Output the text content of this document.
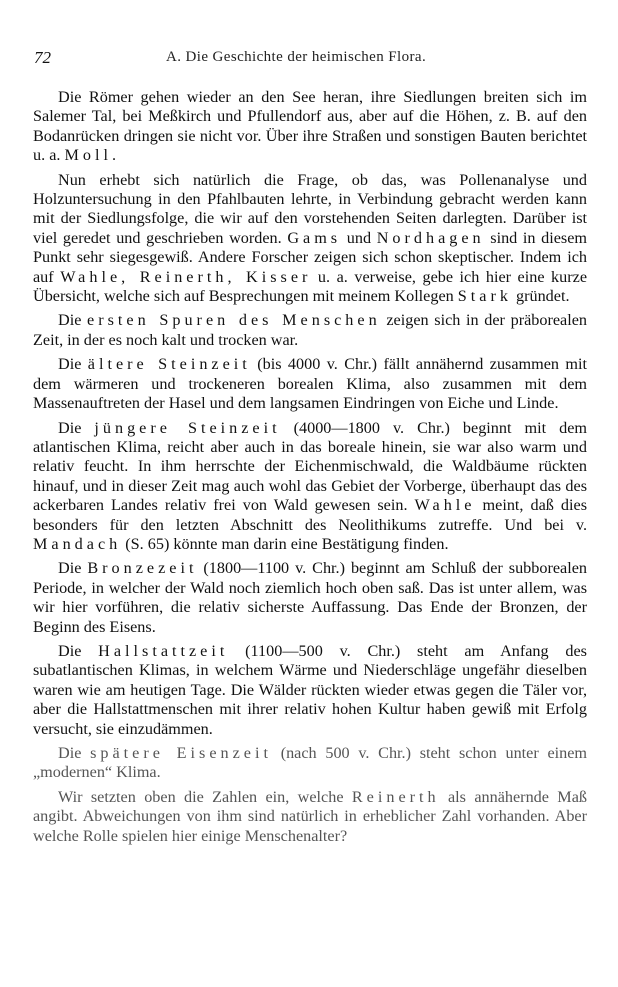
72	A. Die Geschichte der heimischen Flora.

Die Römer gehen wieder an den See heran, ihre Siedlungen breiten sich im Salemer Tal, bei Meßkirch und Pfullendorf aus, aber auf die Höhen, z. B. auf den Bodanrücken dringen sie nicht vor. Über ihre Straßen und sonstigen Bauten berichtet u. a. Moll.

Nun erhebt sich natürlich die Frage, ob das, was Pollenanalyse und Holzuntersuchung in den Pfahlbauten lehrte, in Verbindung gebracht werden kann mit der Siedlungsfolge, die wir auf den vorstehenden Seiten darlegten. Darüber ist viel geredet und geschrieben worden. Gams und Nordhagen sind in diesem Punkt sehr siegesgewiß. Andere Forscher zeigen sich schon skeptischer. Indem ich auf Wahle, Reinerth, Kisser u. a. verweise, gebe ich hier eine kurze Übersicht, welche sich auf Besprechungen mit meinem Kollegen Stark gründet.

Die ersten Spuren des Menschen zeigen sich in der präborealen Zeit, in der es noch kalt und trocken war.

Die ältere Steinzeit (bis 4000 v. Chr.) fällt annähernd zusammen mit dem wärmeren und trockeneren borealen Klima, also zusammen mit dem Massenauftreten der Hasel und dem langsamen Eindringen von Eiche und Linde.

Die jüngere Steinzeit (4000—1800 v. Chr.) beginnt mit dem atlantischen Klima, reicht aber auch in das boreale hinein, sie war also warm und relativ feucht. In ihm herrschte der Eichenmischwald, die Waldbäume rückten hinauf, und in dieser Zeit mag auch wohl das Gebiet der Vorberge, überhaupt das des ackerbaren Landes relativ frei von Wald gewesen sein. Wahle meint, daß dies besonders für den letzten Abschnitt des Neolithikums zutreffe. Und bei v. Mandach (S. 65) könnte man darin eine Bestätigung finden.

Die Bronzezeit (1800—1100 v. Chr.) beginnt am Schluß der subborealen Periode, in welcher der Wald noch ziemlich hoch oben saß. Das ist unter allem, was wir hier vorführen, die relativ sicherste Auffassung. Das Ende der Bronzen, der Beginn des Eisens.

Die Hallstattzeit (1100—500 v. Chr.) steht am Anfang des subatlantischen Klimas, in welchem Wärme und Niederschläge ungefähr dieselben waren wie am heutigen Tage. Die Wälder rückten wieder etwas gegen die Täler vor, aber die Hallstattmenschen mit ihrer relativ hohen Kultur haben gewiß mit Erfolg versucht, sie einzudämmen.

Die spätere Eisenzeit (nach 500 v. Chr.) steht schon unter einem „modernen“ Klima.

Wir setzten oben die Zahlen ein, welche Reinerth als annähernde Maß angibt. Abweichungen von ihm sind natürlich in erheblicher Zahl vorhanden. Aber welche Rolle spielen hier einige Menschenalter?
